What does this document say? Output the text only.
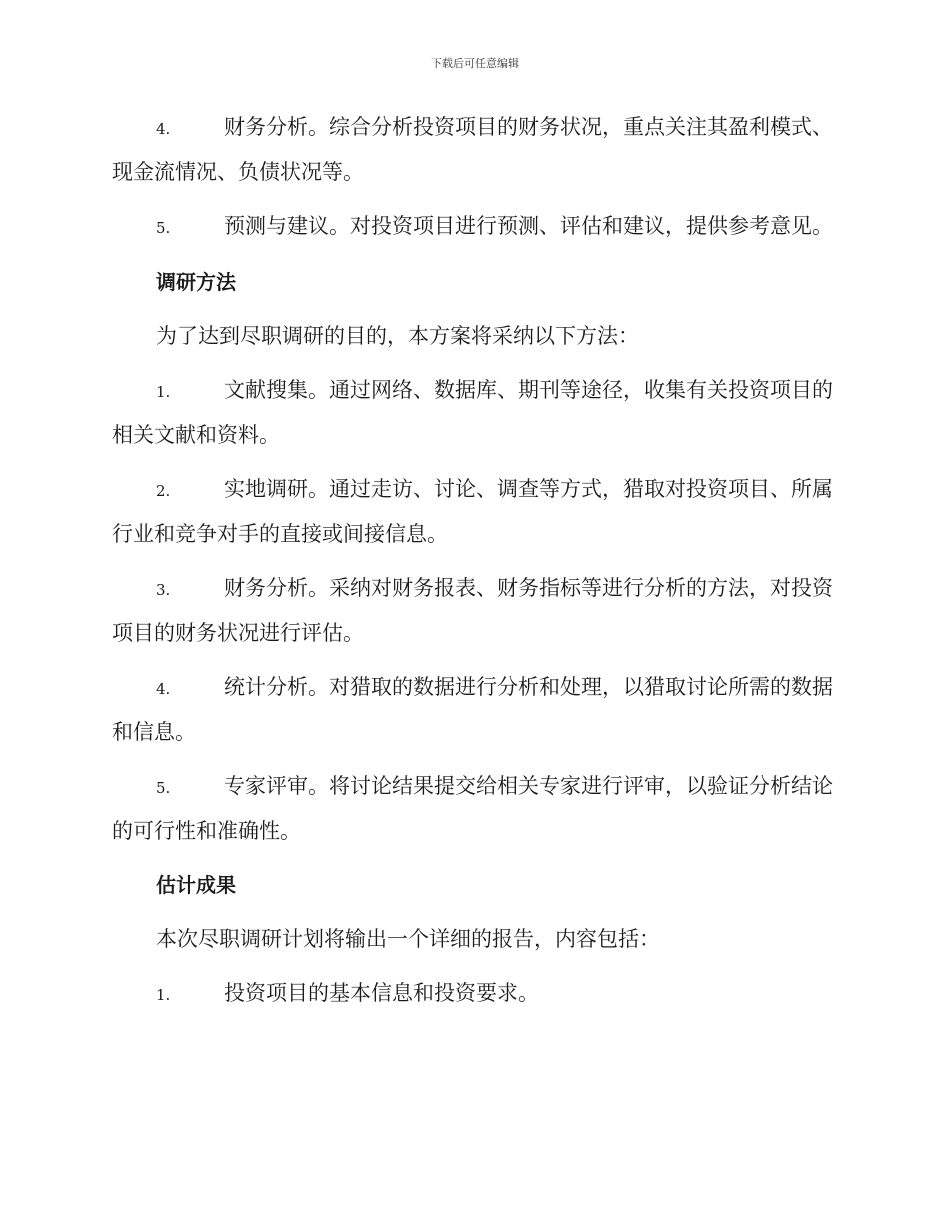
下载后可任意编辑
4.	财务分析。综合分析投资项目的财务状况，重点关注其盈利模式、现金流情况、负债状况等。
5.	预测与建议。对投资项目进行预测、评估和建议，提供参考意见。
调研方法
为了达到尽职调研的目的，本方案将采纳以下方法：
1.	文献搜集。通过网络、数据库、期刊等途径，收集有关投资项目的相关文献和资料。
2.	实地调研。通过走访、讨论、调查等方式，猎取对投资项目、所属行业和竞争对手的直接或间接信息。
3.	财务分析。采纳对财务报表、财务指标等进行分析的方法，对投资项目的财务状况进行评估。
4.	统计分析。对猎取的数据进行分析和处理，以猎取讨论所需的数据和信息。
5.	专家评审。将讨论结果提交给相关专家进行评审，以验证分析结论的可行性和准确性。
估计成果
本次尽职调研计划将输出一个详细的报告，内容包括：
1.	投资项目的基本信息和投资要求。
